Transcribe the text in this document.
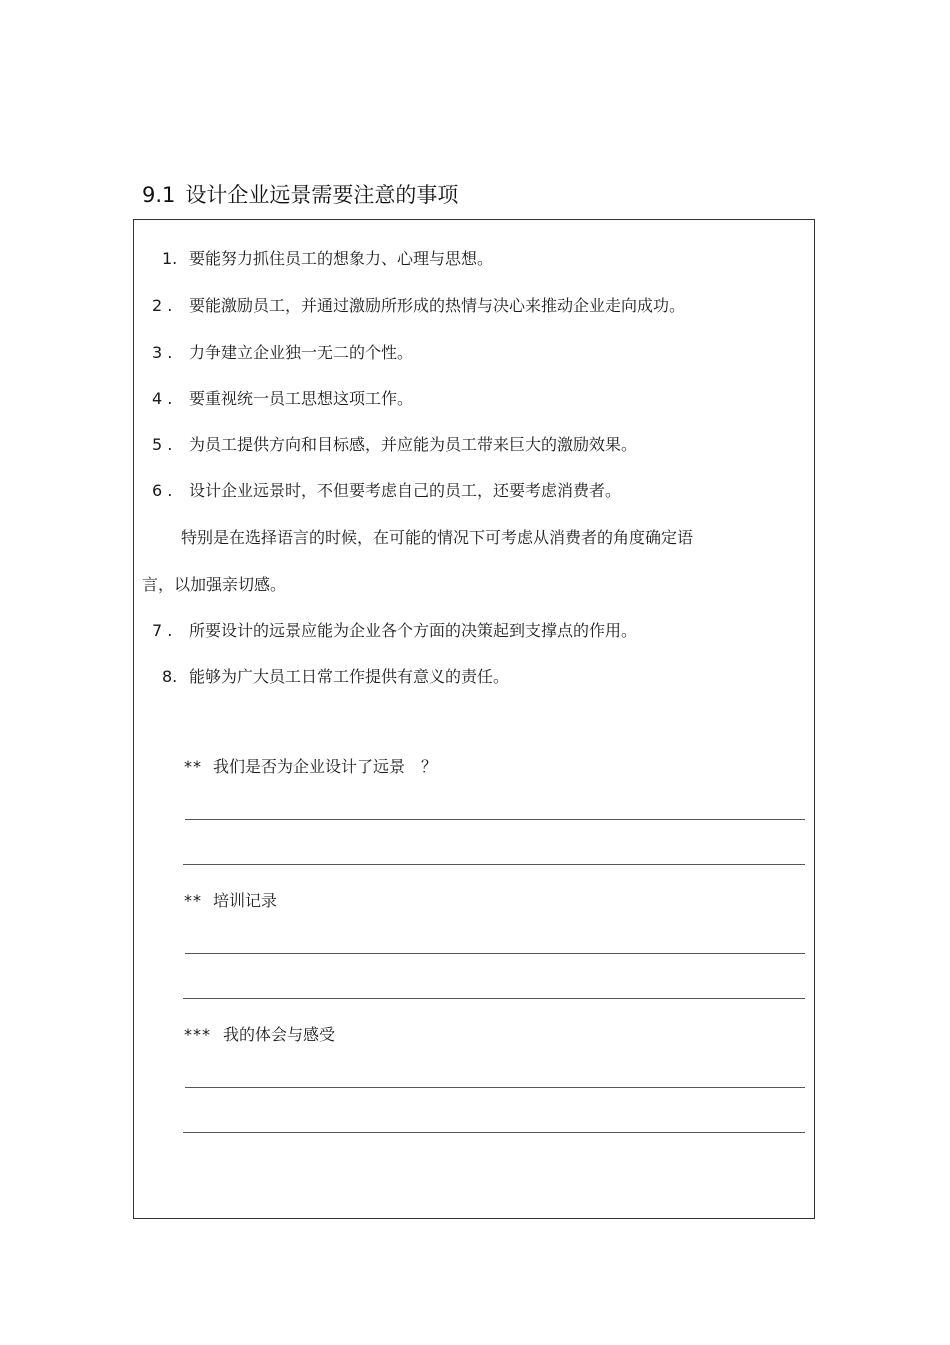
9.1 设计企业远景需要注意的事项
1. 要能努力抓住员工的想象力、心理与思想。
2 . 要能激励员工，并通过激励所形成的热情与决心来推动企业走向成功。
3 . 力争建立企业独一无二的个性。
4 . 要重视统一员工思想这项工作。
5 . 为员工提供方向和目标感，并应能为员工带来巨大的激励效果。
6 . 设计企业远景时，不但要考虑自己的员工，还要考虑消费者。
特别是在选择语言的时候，在可能的情况下可考虑从消费者的角度确定语
言，以加强亲切感。
7 . 所要设计的远景应能为企业各个方面的决策起到支撑点的作用。
8. 能够为广大员工日常工作提供有意义的责任。
** 我们是否为企业设计了远景　？
** 培训记录
*** 我的体会与感受
